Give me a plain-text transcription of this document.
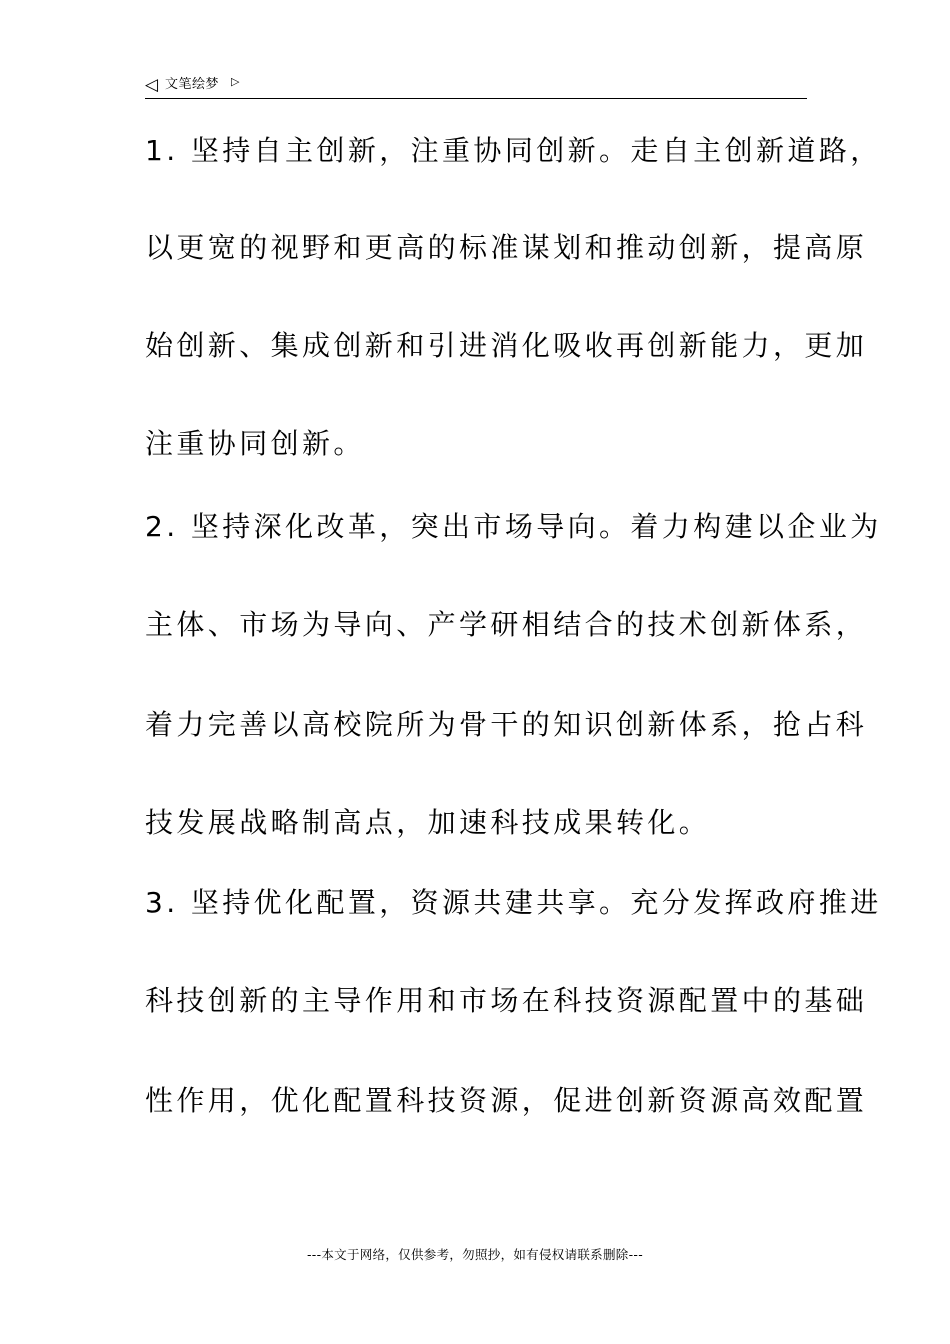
◁ 文笔绘梦 ▷
1. 坚持自主创新，注重协同创新。走自主创新道路，
以更宽的视野和更高的标准谋划和推动创新，提高原
始创新、集成创新和引进消化吸收再创新能力，更加
注重协同创新。
2. 坚持深化改革，突出市场导向。着力构建以企业为
主体、市场为导向、产学研相结合的技术创新体系，
着力完善以高校院所为骨干的知识创新体系，抢占科
技发展战略制高点，加速科技成果转化。
3. 坚持优化配置，资源共建共享。充分发挥政府推进
科技创新的主导作用和市场在科技资源配置中的基础
性作用，优化配置科技资源，促进创新资源高效配置
---本文于网络，仅供参考，勿照抄，如有侵权请联系删除---
